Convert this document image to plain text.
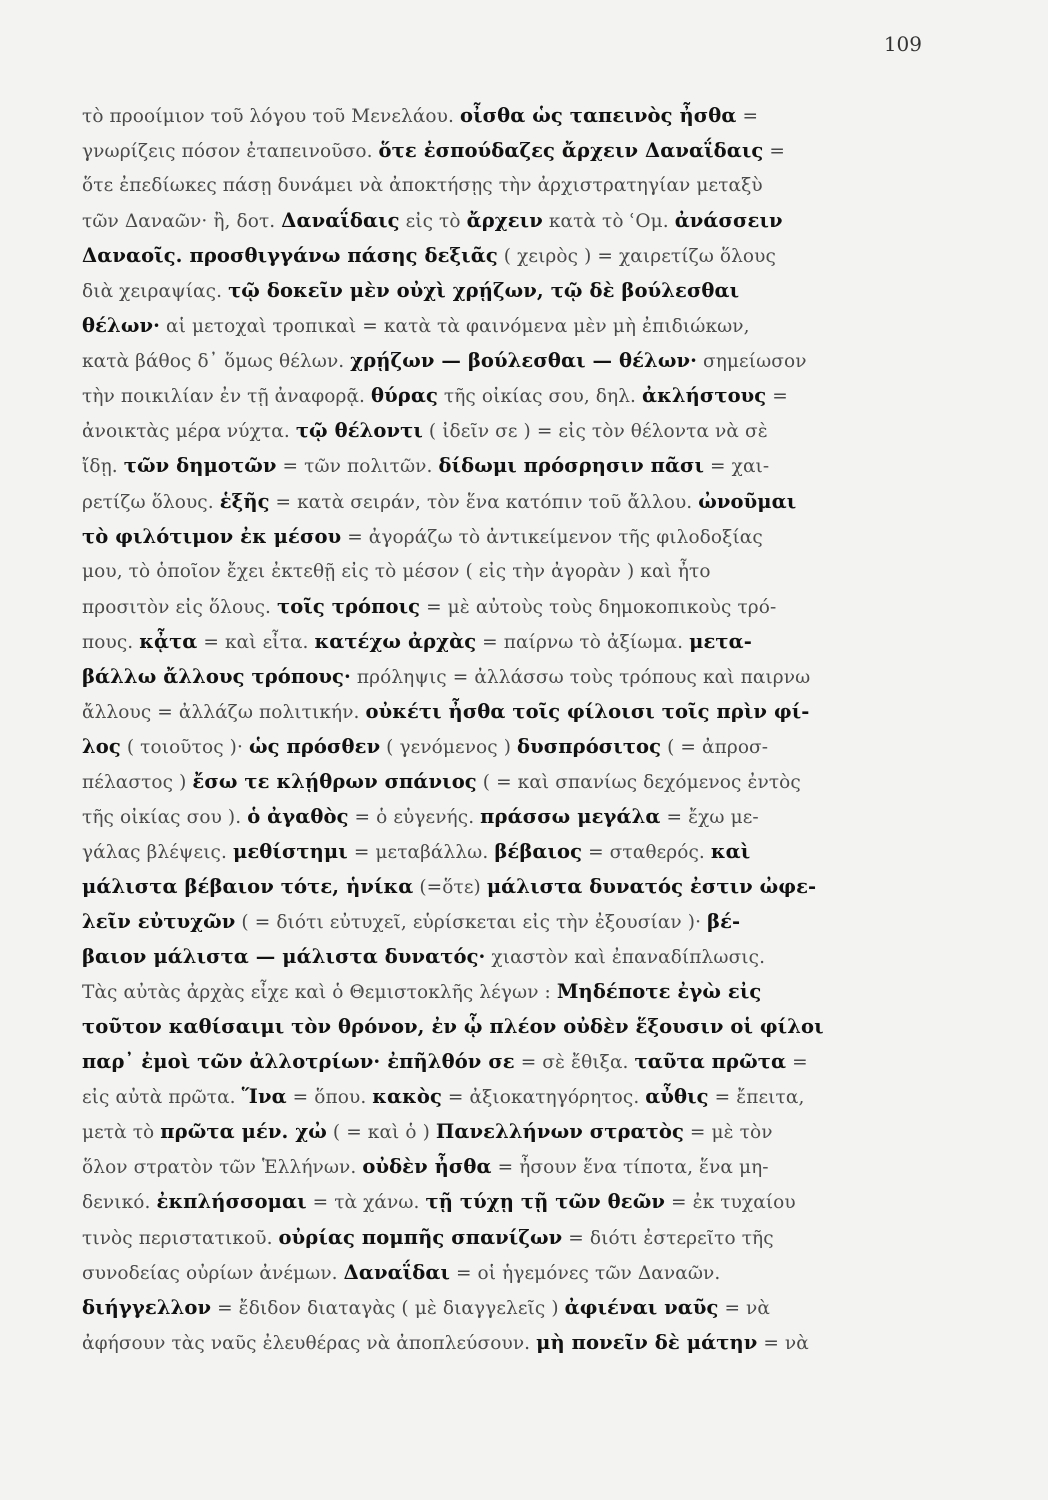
109
τὸ προοίμιον τοῦ λόγου τοῦ Μενελάου. οἶσθα ὡς ταπεινὸς ἦσθα =
γνωρίζεις πόσον ἐταπεινοῦσο. ὅτε ἐσπούδαζες ἄρχειν Δαναΐδαις =
ὅτε ἐπεδίωκες πάσῃ δυνάμει νὰ ἀποκτήσῃς τὴν ἀρχιστρατηγίαν μεταξὺ
τῶν Δαναῶν· ἢ, δοτ. Δαναΐδαις εἰς τὸ ἄρχειν κατὰ τὸ ʿΟμ. ἀνάσσειν
Δαναοῖς. προσθιγγάνω πάσης δεξιᾶς ( χειρὸς ) = χαιρετίζω ὅλους
διὰ χειραψίας. τῷ δοκεῖν μὲν οὐχὶ χρῄζων, τῷ δὲ βούλεσθαι
θέλων· αἱ μετοχαὶ τροπικαὶ = κατὰ τὰ φαινόμενα μὲν μὴ ἐπιδιώκων,
κατὰ βάθος δ᾽ ὅμως θέλων. χρῄζων — βούλεσθαι — θέλων· σημείωσον
τὴν ποικιλίαν ἐν τῇ ἀναφορᾷ. θύρας τῆς οἰκίας σου, δηλ. ἀκλήστους =
ἀνοικτὰς μέρα νύχτα. τῷ θέλοντι ( ἰδεῖν σε ) = εἰς τὸν θέλοντα νὰ σὲ
ἴδῃ. τῶν δημοτῶν = τῶν πολιτῶν. δίδωμι πρόσρησιν πᾶσι = χαι-
ρετίζω ὅλους. ἑξῆς = κατὰ σειράν, τὸν ἕνα κατόπιν τοῦ ἄλλου. ὠνοῦμαι
τὸ φιλότιμον ἐκ μέσου = ἀγοράζω τὸ ἀντικείμενον τῆς φιλοδοξίας
μου, τὸ ὁποῖον ἔχει ἐκτεθῇ εἰς τὸ μέσον ( εἰς τὴν ἀγορὰν ) καὶ ἦτο
προσιτὸν εἰς ὅλους. τοῖς τρόποις = μὲ αὐτοὺς τοὺς δημοκοπικοὺς τρό-
πους. κᾆτα = καὶ εἶτα. κατέχω ἀρχὰς = παίρνω τὸ ἀξίωμα. μετα-
βάλλω ἄλλους τρόπους· πρόληψις = ἀλλάσσω τοὺς τρόπους καὶ παιρνω
ἄλλους = ἀλλάζω πολιτικήν. οὐκέτι ἦσθα τοῖς φίλοισι τοῖς πρὶν φί-
λος ( τοιοῦτος )· ὡς πρόσθεν ( γενόμενος ) δυσπρόσιτος ( = ἀπροσ-
πέλαστος ) ἔσω τε κλῄθρων σπάνιος ( = καὶ σπανίως δεχόμενος ἐντὸς
τῆς οἰκίας σου ). ὁ ἀγαθὸς = ὁ εὐγενής. πράσσω μεγάλα = ἔχω με-
γάλας βλέψεις. μεθίστημι = μεταβάλλω. βέβαιος = σταθερός. καὶ
μάλιστα βέβαιον τότε, ἡνίκα (=ὅτε) μάλιστα δυνατός ἐστιν ὠφε-
λεῖν εὐτυχῶν ( = διότι εὐτυχεῖ, εὑρίσκεται εἰς τὴν ἐξουσίαν )· βέ-
βαιον μάλιστα — μάλιστα δυνατός· χιαστὸν καὶ ἐπαναδίπλωσις.
Τὰς αὐτὰς ἀρχὰς εἶχε καὶ ὁ Θεμιστοκλῆς λέγων : Μηδέποτε ἐγὼ εἰς
τοῦτον καθίσαιμι τὸν θρόνον, ἐν ᾧ πλέον οὐδὲν ἕξουσιν οἱ φίλοι
παρ᾽ ἐμοὶ τῶν ἀλλοτρίων· ἐπῆλθόν σε = σὲ ἔθιξα. ταῦτα πρῶτα =
εἰς αὐτὰ πρῶτα. Ἵνα = ὅπου. κακὸς = ἀξιοκατηγόρητος. αὖθις = ἔπειτα,
μετὰ τὸ πρῶτα μέν. χὠ ( = καὶ ὁ ) Πανελλήνων στρατὸς = μὲ τὸν
ὅλον στρατὸν τῶν Ἑλλήνων. οὐδὲν ἦσθα = ἦσουν ἕνα τίποτα, ἕνα μη-
δενικό. ἐκπλήσσομαι = τὰ χάνω. τῇ τύχῃ τῇ τῶν θεῶν = ἐκ τυχαίου
τινὸς περιστατικοῦ. οὐρίας πομπῆς σπανίζων = διότι ἐστερεῖτο τῆς
συνοδείας οὐρίων ἀνέμων. Δαναΐδαι = οἱ ἡγεμόνες τῶν Δαναῶν.
διήγγελλον = ἔδιδον διαταγὰς ( μὲ διαγγελεῖς ) ἀφιέναι ναῦς = νὰ
ἀφήσουν τὰς ναῦς ἐλευθέρας νὰ ἀποπλεύσουν. μὴ πονεῖν δὲ μάτην = νὰ
